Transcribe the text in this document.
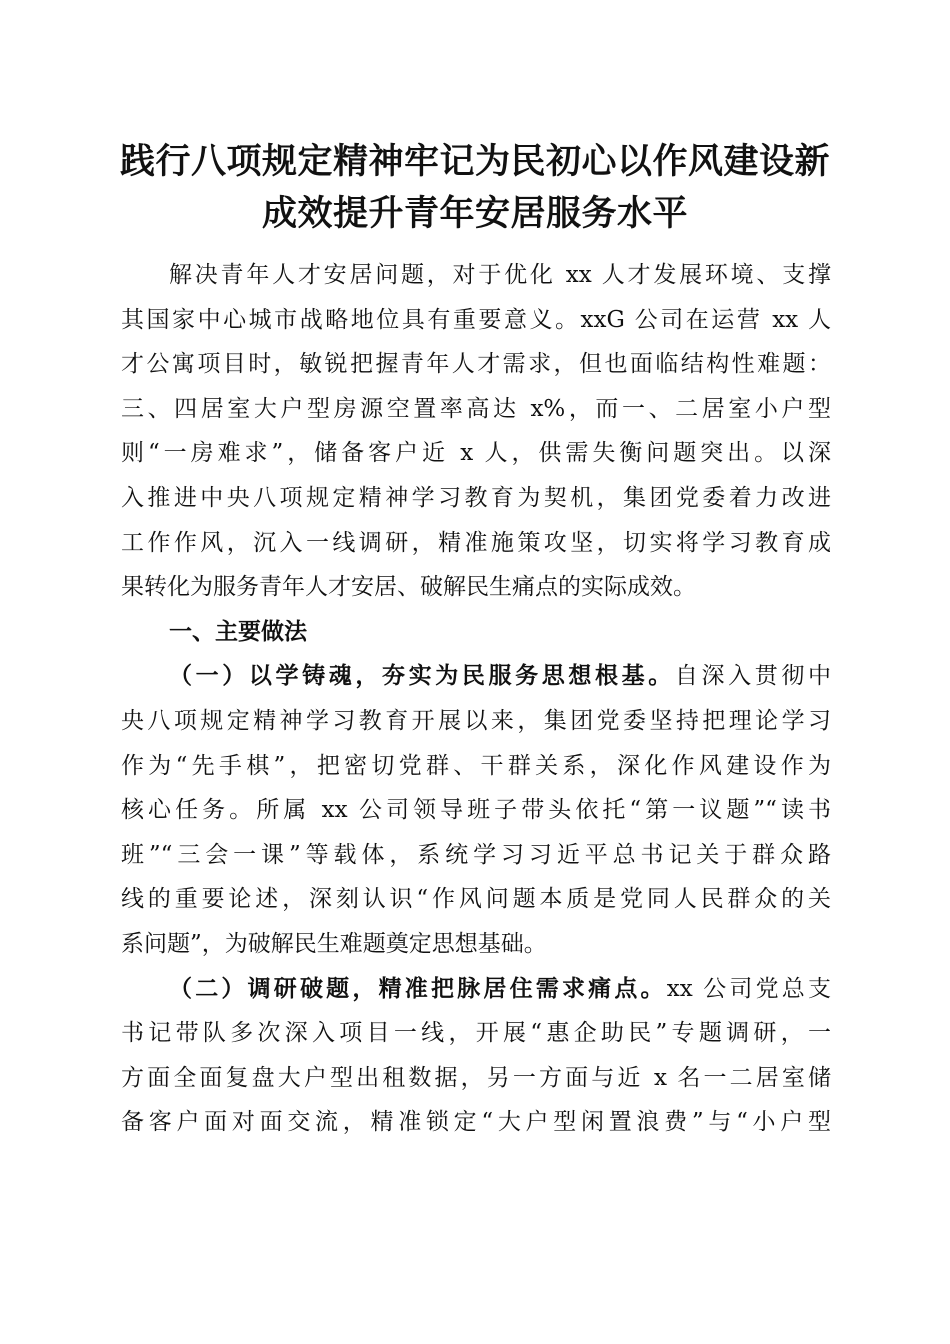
践行八项规定精神牢记为民初心以作风建设新
成效提升青年安居服务水平
解决青年人才安居问题，对于优化 xx 人才发展环境、支撑
其国家中心城市战略地位具有重要意义。xxG 公司在运营 xx 人
才公寓项目时，敏锐把握青年人才需求，但也面临结构性难题：
三、四居室大户型房源空置率高达 x%，而一、二居室小户型
则“一房难求”，储备客户近 x 人，供需失衡问题突出。以深
入推进中央八项规定精神学习教育为契机，集团党委着力改进
工作作风，沉入一线调研，精准施策攻坚，切实将学习教育成
果转化为服务青年人才安居、破解民生痛点的实际成效。
一、主要做法
（一）以学铸魂，夯实为民服务思想根基。自深入贯彻中
央八项规定精神学习教育开展以来，集团党委坚持把理论学习
作为“先手棋”，把密切党群、干群关系，深化作风建设作为
核心任务。所属 xx 公司领导班子带头依托“第一议题”“读书
班”“三会一课”等载体，系统学习习近平总书记关于群众路
线的重要论述，深刻认识“作风问题本质是党同人民群众的关
系问题”，为破解民生难题奠定思想基础。
（二）调研破题，精准把脉居住需求痛点。xx 公司党总支
书记带队多次深入项目一线，开展“惠企助民”专题调研，一
方面全面复盘大户型出租数据，另一方面与近 x 名一二居室储
备客户面对面交流，精准锁定“大户型闲置浪费”与“小户型
